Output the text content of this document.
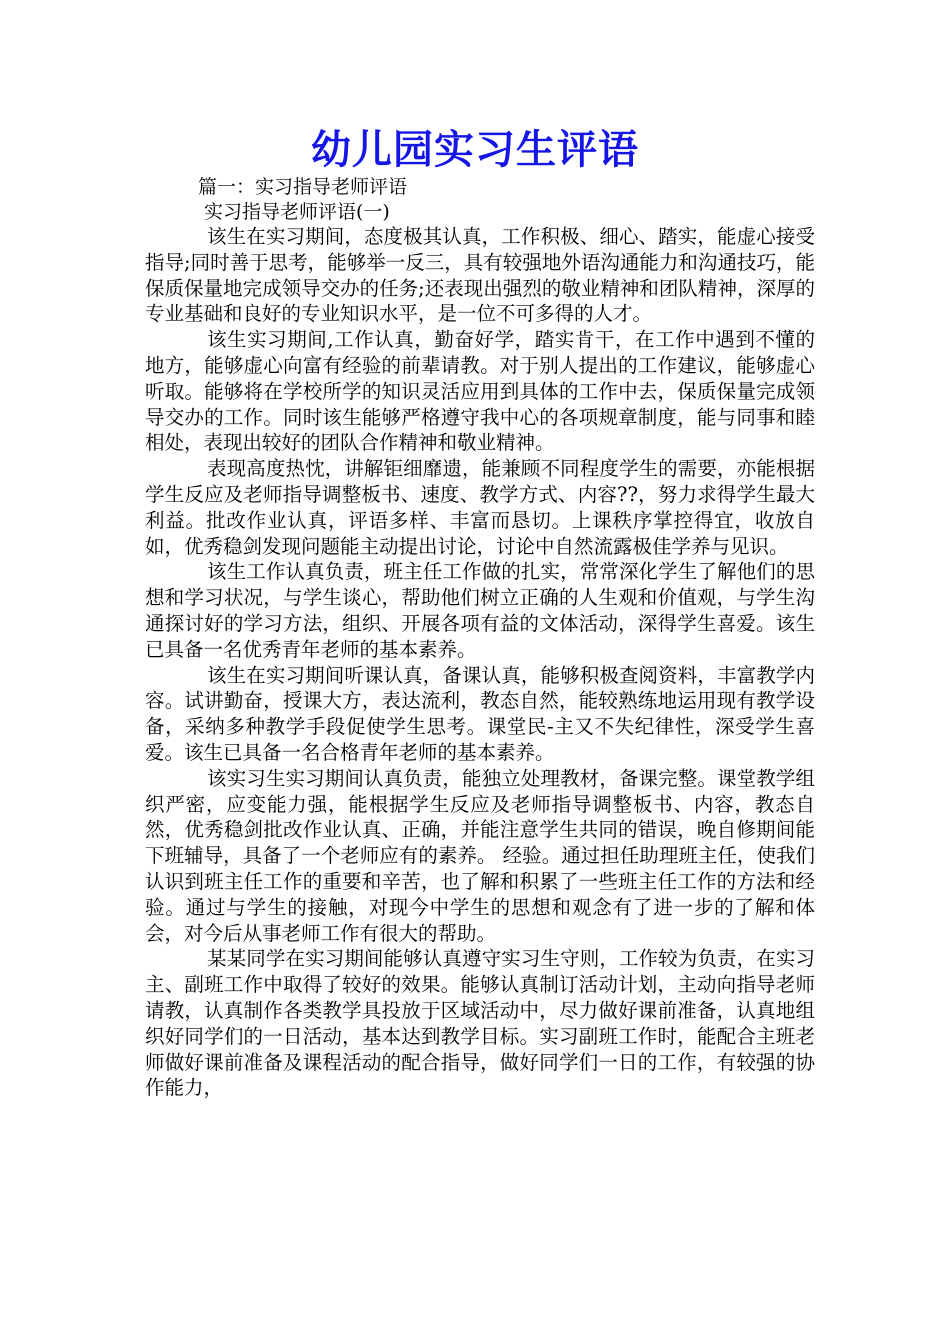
幼儿园实习生评语
篇一：实习指导老师评语
实习指导老师评语(一)

该生在实习期间，态度极其认真，工作积极、细心、踏实，能虚心接受指导;同时善于思考，能够举一反三，具有较强地外语沟通能力和沟通技巧，能保质保量地完成领导交办的任务;还表现出强烈的敬业精神和团队精神，深厚的专业基础和良好的专业知识水平，是一位不可多得的人才。

该生实习期间,工作认真，勤奋好学，踏实肯干，在工作中遇到不懂的地方，能够虚心向富有经验的前辈请教。对于别人提出的工作建议，能够虚心听取。能够将在学校所学的知识灵活应用到具体的工作中去，保质保量完成领导交办的工作。同时该生能够严格遵守我中心的各项规章制度，能与同事和睦相处，表现出较好的团队合作精神和敬业精神。

表现高度热忱，讲解钜细靡遗，能兼顾不同程度学生的需要，亦能根据学生反应及老师指导调整板书、速度、教学方式、内容??，努力求得学生最大利益。批改作业认真，评语多样、丰富而恳切。上课秩序掌控得宜，收放自如，优秀稳剑发现问题能主动提出讨论，讨论中自然流露极佳学养与见识。

该生工作认真负责，班主任工作做的扎实，常常深化学生了解他们的思想和学习状况，与学生谈心，帮助他们树立正确的人生观和价值观，与学生沟通探讨好的学习方法，组织、开展各项有益的文体活动，深得学生喜爱。该生已具备一名优秀青年老师的基本素养。

该生在实习期间听课认真，备课认真，能够积极查阅资料，丰富教学内容。试讲勤奋，授课大方，表达流利，教态自然，能较熟练地运用现有教学设备，采纳多种教学手段促使学生思考。课堂民-主又不失纪律性，深受学生喜爱。该生已具备一名合格青年老师的基本素养。

该实习生实习期间认真负责，能独立处理教材，备课完整。课堂教学组织严密，应变能力强，能根据学生反应及老师指导调整板书、内容，教态自然，优秀稳剑批改作业认真、正确，并能注意学生共同的错误，晚自修期间能下班辅导，具备了一个老师应有的素养。 经验。通过担任助理班主任，使我们认识到班主任工作的重要和辛苦，也了解和积累了一些班主任工作的方法和经验。通过与学生的接触，对现今中学生的思想和观念有了进一步的了解和体会，对今后从事老师工作有很大的帮助。

某某同学在实习期间能够认真遵守实习生守则，工作较为负责，在实习主、副班工作中取得了较好的效果。能够认真制订活动计划，主动向指导老师请教，认真制作各类教学具投放于区域活动中，尽力做好课前准备，认真地组织好同学们的一日活动，基本达到教学目标。实习副班工作时，能配合主班老师做好课前准备及课程活动的配合指导，做好同学们一日的工作，有较强的协作能力，
